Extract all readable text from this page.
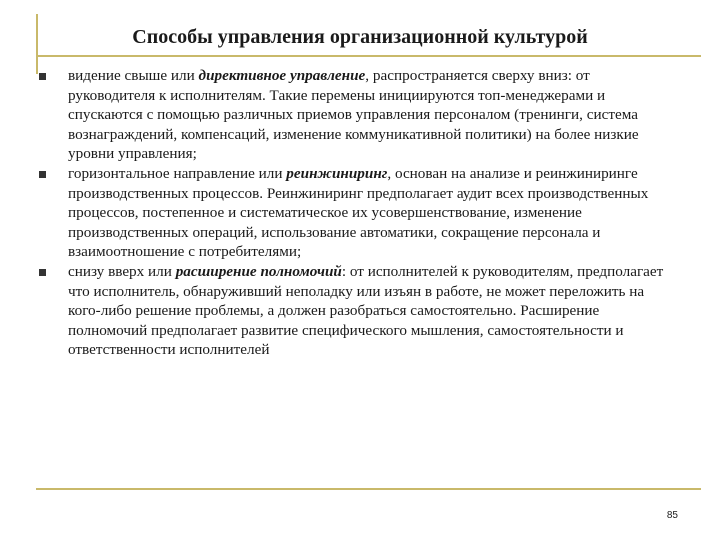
Способы управления организационной культурой
видение свыше или директивное управление, распространяется сверху вниз: от руководителя к исполнителям. Такие перемены инициируются топ-менеджерами и спускаются с помощью различных приемов управления персоналом (тренинги, система вознаграждений, компенсаций, изменение коммуникативной политики) на более низкие уровни управления;
горизонтальное направление или реинжиниринг, основан на анализе и реинжиниринге производственных процессов. Реинжиниринг предполагает аудит всех производственных процессов, постепенное и систематическое их усовершенствование, изменение производственных операций, использование автоматики, сокращение персонала и взаимоотношение с потребителями;
снизу вверх или расширение полномочий: от исполнителей к руководителям, предполагает что исполнитель, обнаруживший неполадку или изъян в работе, не может переложить на кого-либо решение проблемы, а должен разобраться самостоятельно. Расширение полномочий предполагает развитие специфического мышления, самостоятельности и ответственности исполнителей
85
